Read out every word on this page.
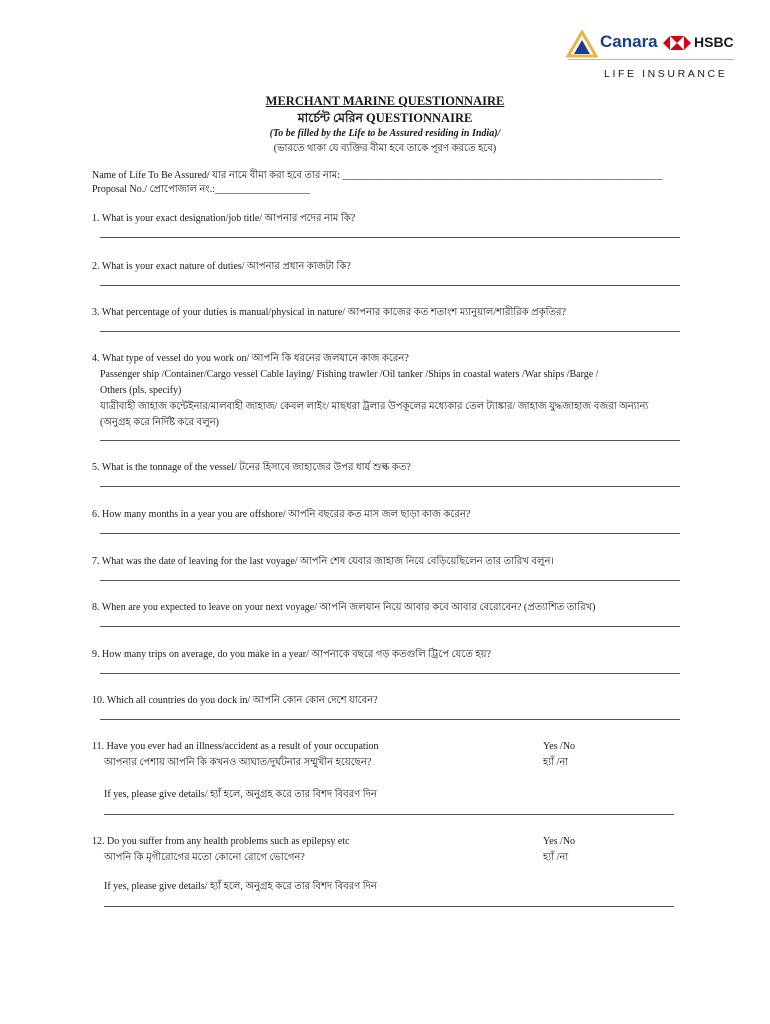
Canara	HSBC
LIFE INSURANCE
MERCHANT MARINE QUESTIONNAIRE
মার্চেন্ট মেরিন QUESTIONNAIRE
(To be filled by the Life to be Assured residing in India)/
(ভারতে থাকা যে ব্যক্তির বীমা হবে তাকে পূরণ করতে হবে)
Name of Life To Be Assured/ যার নামে বীমা করা হবে তার নাম: ________________________________________________________________
Proposal No./ প্রোপোজাল নং.:___________________
1. What is your exact designation/job title/ আপনার পদের নাম কি?
2. What is your exact nature of duties/ আপনার প্রধান কাজটা কি?
3. What percentage of your duties is manual/physical in nature/ আপনার কাজের কত শতাংশ ম্যানুয়াল/শারীরিক প্রকৃতির?
4. What type of vessel do you work on/ আপনি কি ধরনের জলযানে কাজ করেন?
Passenger ship /Container/Cargo vessel Cable laying/ Fishing trawler /Oil tanker /Ships in coastal waters /War ships /Barge /
Others (pls. specify)
যাত্রীবাহী জাহাজ কন্টেইনার/মালবাহী জাহাজ/ কেবল লাইং/ মাছধরা ট্রলার উপকূলের মধ্যেকার তেল ট্যাঙ্কার/ জাহাজ যুদ্ধজাহাজ বজরা অন্যান্য
(অনুগ্রহ করে নির্দিষ্ট করে বলুন)
5. What is the tonnage of the vessel/ টনের হিসাবে জাহাজের উপর ধার্য শুল্ক কত?
6. How many months in a year you are offshore/ আপনি বছরের কত মাস জল ছাড়া কাজ করেন?
7. What was the date of leaving for the last voyage/ আপনি শেষ যেবার জাহাজ নিয়ে বেড়িয়েছিলেন তার তারিখ বলুন।
8. When are you expected to leave on your next voyage/ আপনি জলযান নিয়ে আবার কবে আবার বেরোবেন? (প্রত্যাশিত তারিখ)
9. How many trips on average, do you make in a year/ আপনাকে বছরে গড় কতগুলি ট্রিপে যেতে হয়?
10. Which all countries do you dock in/ আপনি কোন কোন দেশে যাবেন?
11. Have you ever had an illness/accident as a result of your occupation
আপনার পেশায় আপনি কি কখনও আঘাত/দুর্ঘটনার সম্মুখীন হয়েছেন?
Yes /No
হ্যাঁ /না
If yes, please give details/ হ্যাঁ হলে, অনুগ্রহ করে তার বিশদ বিবরণ দিন
12. Do you suffer from any health problems such as epilepsy etc
আপনি কি মৃগীরোগের মতো কোনো রোগে ভোগেন?
Yes /No
হ্যাঁ /না
If yes, please give details/ হ্যাঁ হলে, অনুগ্রহ করে তার বিশদ বিবরণ দিন
